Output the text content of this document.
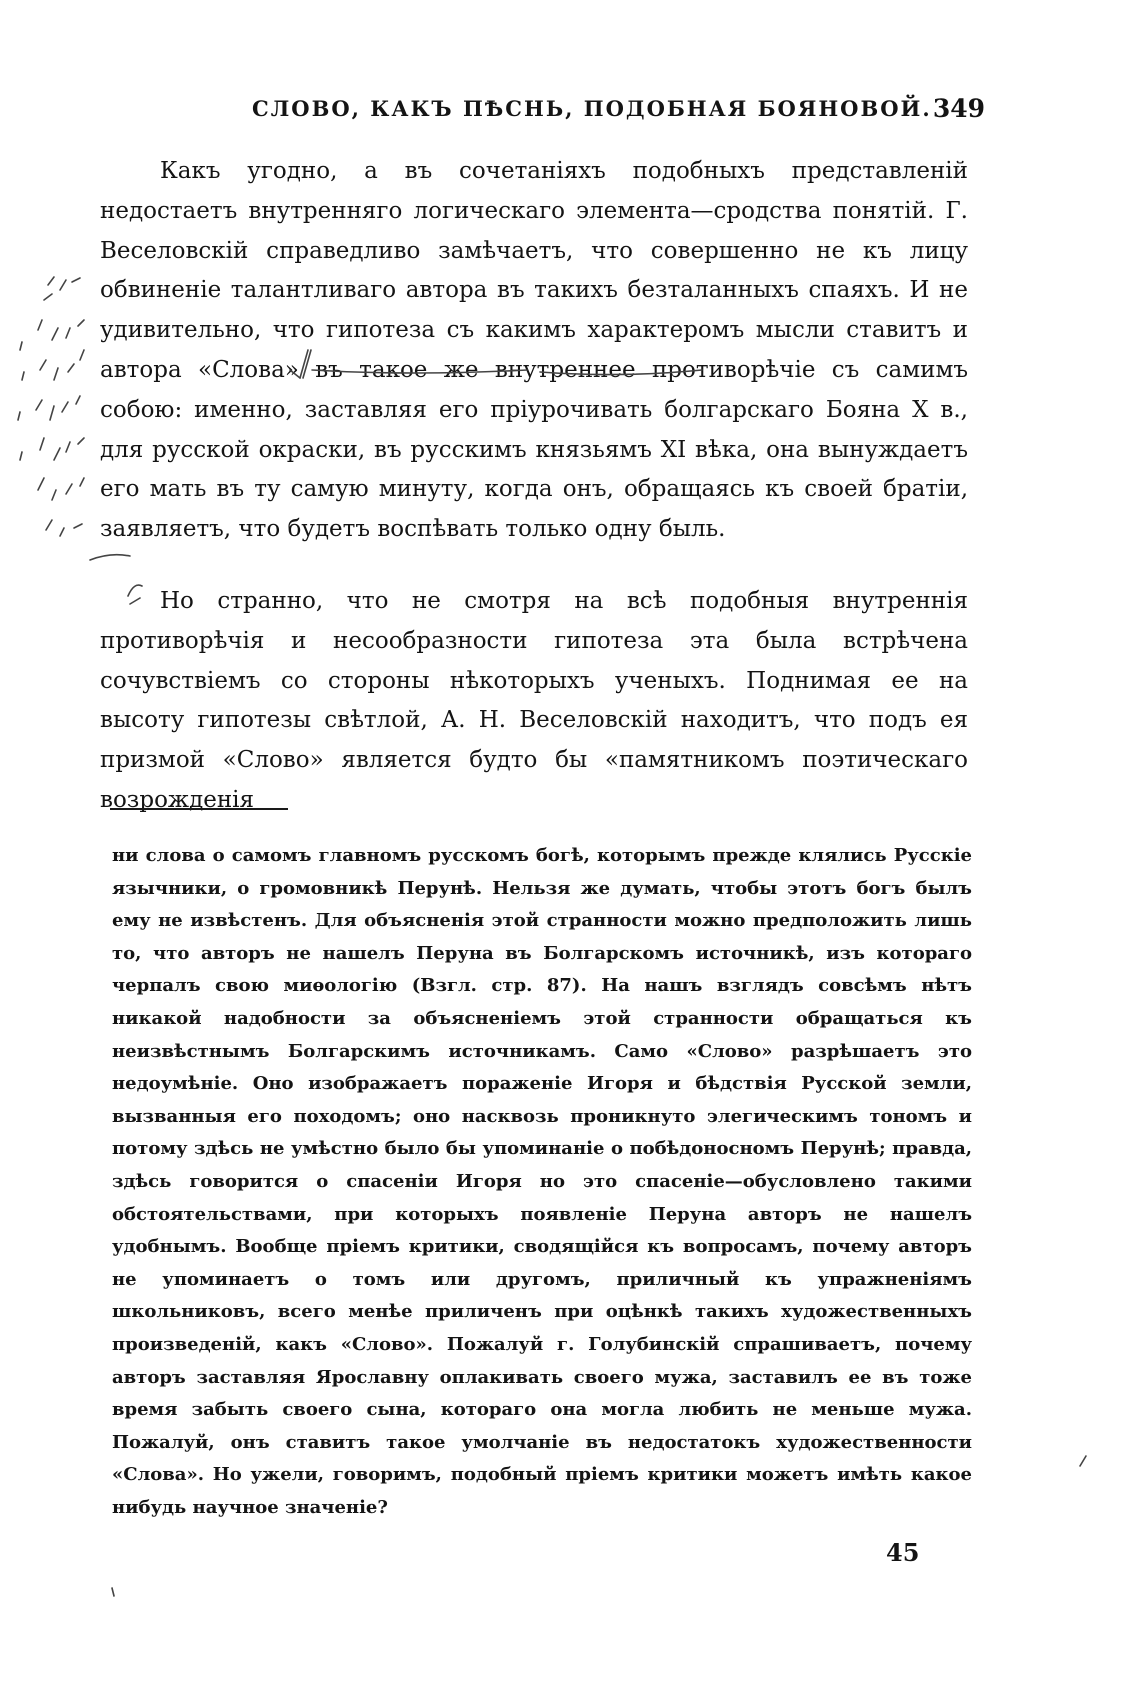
СЛОВО, КАКЪ ПѢСНЬ, ПОДОБНАЯ БОЯНОВОЙ. 349

Какъ угодно, а въ сочетаніяхъ подобныхъ представленій недостаетъ внутренняго логическаго элемента—сродства понятій. Г. Веселовскій справедливо замѣчаетъ, что совершенно не къ лицу обвиненіе талантливаго автора въ такихъ безталанныхъ спаяхъ. И не удивительно, что гипотеза съ какимъ характеромъ мысли ставитъ и автора «Слова» въ такое же внутреннее противорѣчіе съ самимъ собою: именно, заставляя его пріурочивать болгарскаго Бояна X в., для русской окраски, въ русскимъ князьямъ XI вѣка, она вынуждаетъ его мать въ ту самую минуту, когда онъ, обращаясь къ своей братіи, заявляетъ, что будетъ воспѣвать только одну быль.

Но странно, что не смотря на всѣ подобныя внутреннія противорѣчія и несообразности гипотеза эта была встрѣчена сочувствіемъ со стороны нѣкоторыхъ ученыхъ. Поднимая ее на высоту гипотезы свѣтлой, А. Н. Веселовскій находитъ, что подъ ея призмой «Слово» является будто бы «памятникомъ поэтическаго возрожденія

ни слова о самомъ главномъ русскомъ богѣ, которымъ прежде клялись Русскіе язычники, о громовникѣ Перунѣ. Нельзя же думать, чтобы этотъ богъ былъ ему не извѣстенъ. Для объясненія этой странности можно предположить лишь то, что авторъ не нашелъ Перуна въ Болгарскомъ источникѣ, изъ котораго черпалъ свою миѳологію (Взгл. стр. 87). На нашъ взглядъ совсѣмъ нѣтъ никакой надобности за объясненіемъ этой странности обращаться къ неизвѣстнымъ Болгарскимъ источникамъ. Само «Слово» разрѣшаетъ это недоумѣніе. Оно изображаетъ пораженіе Игоря и бѣдствія Русской земли, вызванныя его походомъ; оно насквозь проникнуто элегическимъ тономъ и потому здѣсь не умѣстно было бы упоминаніе о побѣдоносномъ Перунѣ; правда, здѣсь говорится о спасеніи Игоря но это спасеніе—обусловлено такими обстоятельствами, при которыхъ появленіе Перуна авторъ не нашелъ удобнымъ. Вообще пріемъ критики, сводящійся къ вопросамъ, почему авторъ не упоминаетъ о томъ или другомъ, приличный къ упражненіямъ школьниковъ, всего менѣе приличенъ при оцѣнкѣ такихъ художественныхъ произведеній, какъ «Слово». Пожалуй г. Голубинскій спрашиваетъ, почему авторъ заставляя Ярославну оплакивать своего мужа, заставилъ ее въ тоже время забыть своего сына, котораго она могла любить не меньше мужа. Пожалуй, онъ ставитъ такое умолчаніе въ недостатокъ художественности «Слова». Но ужели, говоримъ, подобный пріемъ критики можетъ имѣть какое нибудь научное значеніе?

45
